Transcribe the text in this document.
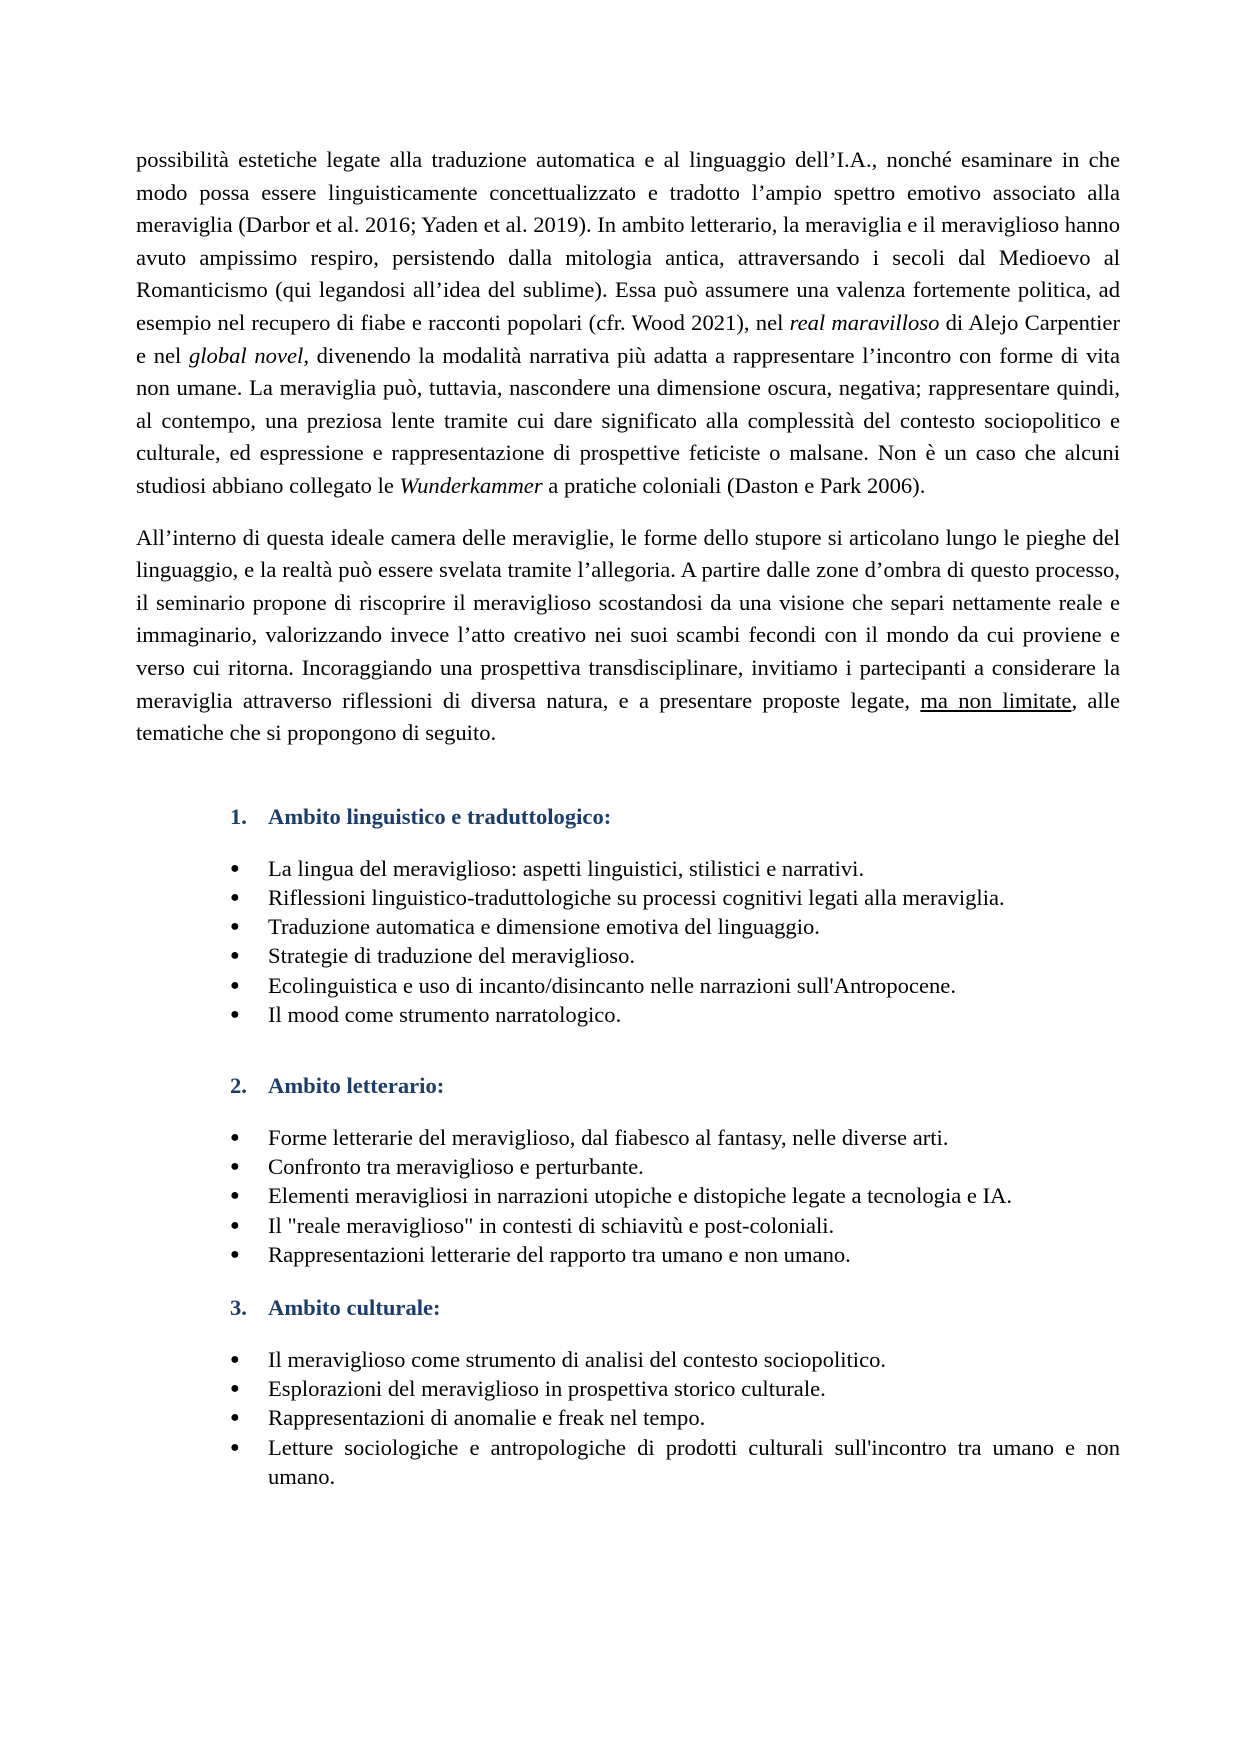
possibilità estetiche legate alla traduzione automatica e al linguaggio dell’I.A., nonché esaminare in che modo possa essere linguisticamente concettualizzato e tradotto l’ampio spettro emotivo associato alla meraviglia (Darbor et al. 2016; Yaden et al. 2019). In ambito letterario, la meraviglia e il meraviglioso hanno avuto ampissimo respiro, persistendo dalla mitologia antica, attraversando i secoli dal Medioevo al Romanticismo (qui legandosi all’idea del sublime). Essa può assumere una valenza fortemente politica, ad esempio nel recupero di fiabe e racconti popolari (cfr. Wood 2021), nel real maravilloso di Alejo Carpentier e nel global novel, divenendo la modalità narrativa più adatta a rappresentare l’incontro con forme di vita non umane. La meraviglia può, tuttavia, nascondere una dimensione oscura, negativa; rappresentare quindi, al contempo, una preziosa lente tramite cui dare significato alla complessità del contesto sociopolitico e culturale, ed espressione e rappresentazione di prospettive feticiste o malsane. Non è un caso che alcuni studiosi abbiano collegato le Wunderkammer a pratiche coloniali (Daston e Park 2006).

All’interno di questa ideale camera delle meraviglie, le forme dello stupore si articolano lungo le pieghe del linguaggio, e la realtà può essere svelata tramite l’allegoria. A partire dalle zone d’ombra di questo processo, il seminario propone di riscoprire il meraviglioso scostandosi da una visione che separi nettamente reale e immaginario, valorizzando invece l’atto creativo nei suoi scambi fecondi con il mondo da cui proviene e verso cui ritorna. Incoraggiando una prospettiva transdisciplinare, invitiamo i partecipanti a considerare la meraviglia attraverso riflessioni di diversa natura, e a presentare proposte legate, ma non limitate, alle tematiche che si propongono di seguito.

1. Ambito linguistico e traduttologico:
●	La lingua del meraviglioso: aspetti linguistici, stilistici e narrativi.
●	Riflessioni linguistico-traduttologiche su processi cognitivi legati alla meraviglia.
●	Traduzione automatica e dimensione emotiva del linguaggio.
●	Strategie di traduzione del meraviglioso.
●	Ecolinguistica e uso di incanto/disincanto nelle narrazioni sull'Antropocene.
●	Il mood come strumento narratologico.
2. Ambito letterario:
●	Forme letterarie del meraviglioso, dal fiabesco al fantasy, nelle diverse arti.
●	Confronto tra meraviglioso e perturbante.
●	Elementi meravigliosi in narrazioni utopiche e distopiche legate a tecnologia e IA.
●	Il "reale meraviglioso" in contesti di schiavitù e post-coloniali.
●	Rappresentazioni letterarie del rapporto tra umano e non umano.
3. Ambito culturale:
●	Il meraviglioso come strumento di analisi del contesto sociopolitico.
●	Esplorazioni del meraviglioso in prospettiva storico culturale.
●	Rappresentazioni di anomalie e freak nel tempo.
●	Letture sociologiche e antropologiche di prodotti culturali sull'incontro tra umano e non umano.
